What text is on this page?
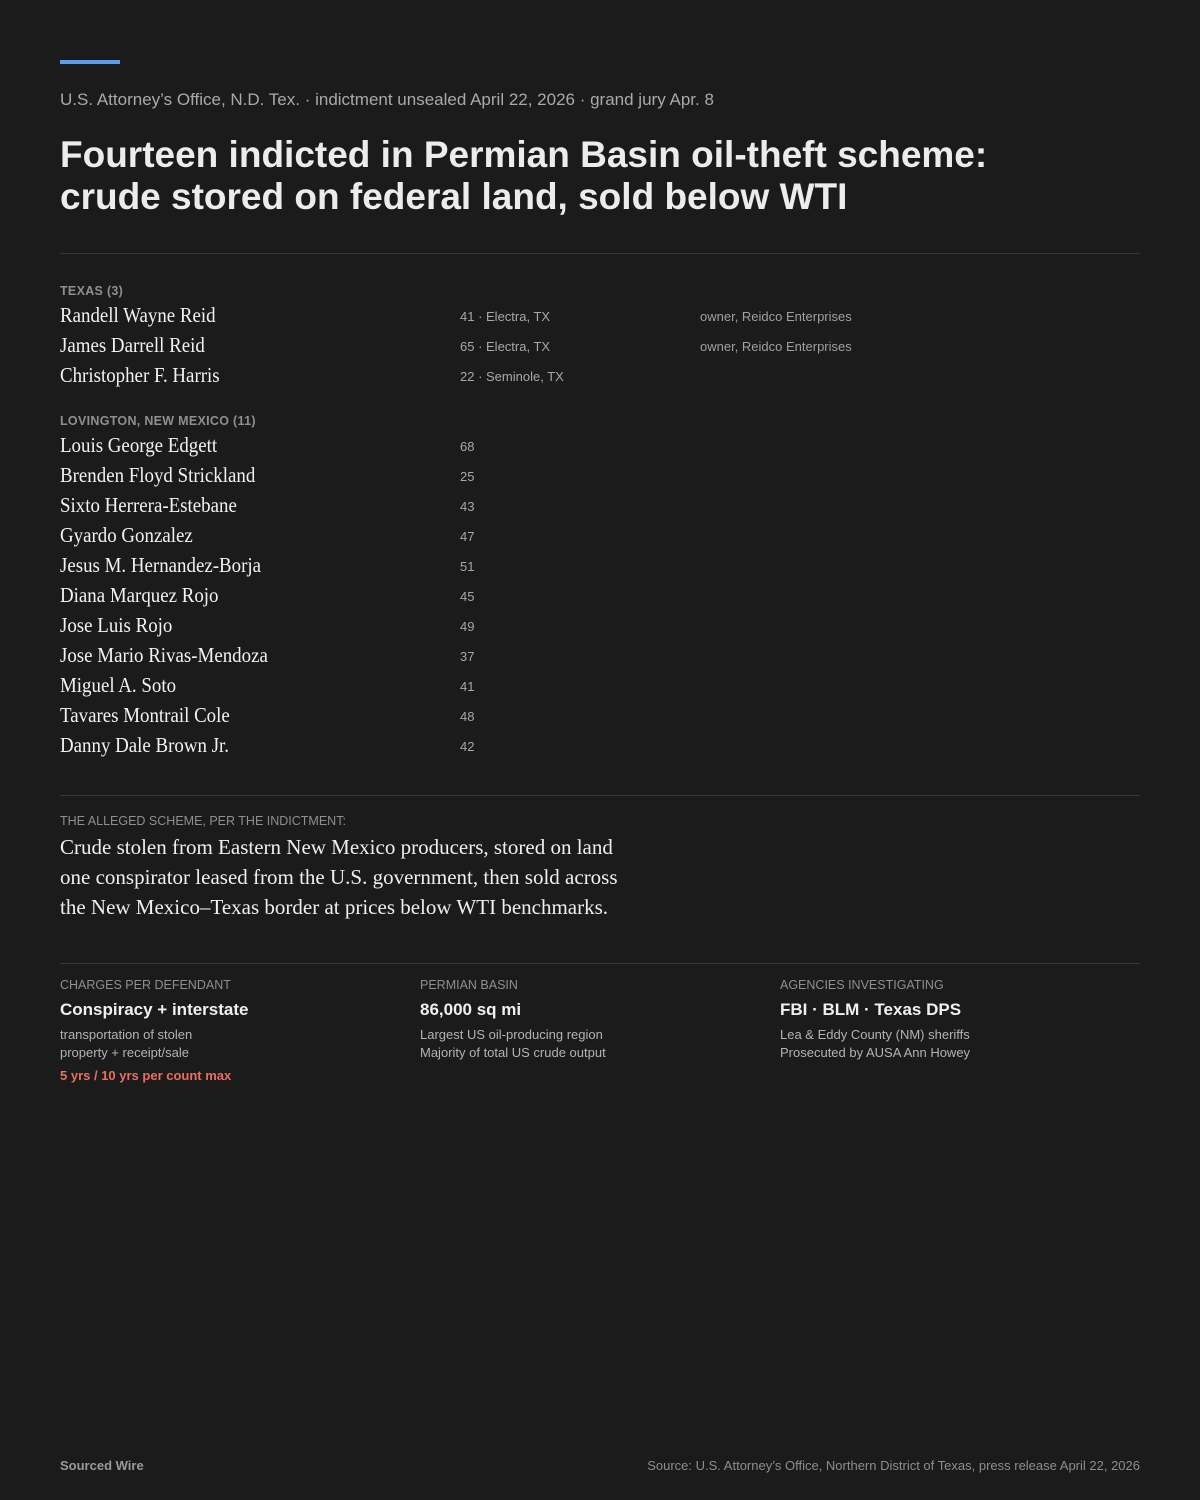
U.S. Attorney’s Office, N.D. Tex. · indictment unsealed April 22, 2026 · grand jury Apr. 8
Fourteen indicted in Permian Basin oil-theft scheme:
crude stored on federal land, sold below WTI
TEXAS (3)
Randell Wayne Reid	41 · Electra, TX	owner, Reidco Enterprises
James Darrell Reid	65 · Electra, TX	owner, Reidco Enterprises
Christopher F. Harris	22 · Seminole, TX
LOVINGTON, NEW MEXICO (11)
Louis George Edgett	68
Brenden Floyd Strickland	25
Sixto Herrera-Estebane	43
Gyardo Gonzalez	47
Jesus M. Hernandez-Borja	51
Diana Marquez Rojo	45
Jose Luis Rojo	49
Jose Mario Rivas-Mendoza	37
Miguel A. Soto	41
Tavares Montrail Cole	48
Danny Dale Brown Jr.	42
THE ALLEGED SCHEME, PER THE INDICTMENT:

Crude stolen from Eastern New Mexico producers, stored on land one conspirator leased from the U.S. government, then sold across the New Mexico–Texas border at prices below WTI benchmarks.

CHARGES PER DEFENDANT
Conspiracy + interstate
transportation of stolen
property + receipt/sale
5 yrs / 10 yrs per count max
PERMIAN BASIN
86,000 sq mi
Largest US oil-producing region
Majority of total US crude output
AGENCIES INVESTIGATING
FBI · BLM · Texas DPS
Lea & Eddy County (NM) sheriffs
Prosecuted by AUSA Ann Howey
Sourced Wire	Source: U.S. Attorney’s Office, Northern District of Texas, press release April 22, 2026
